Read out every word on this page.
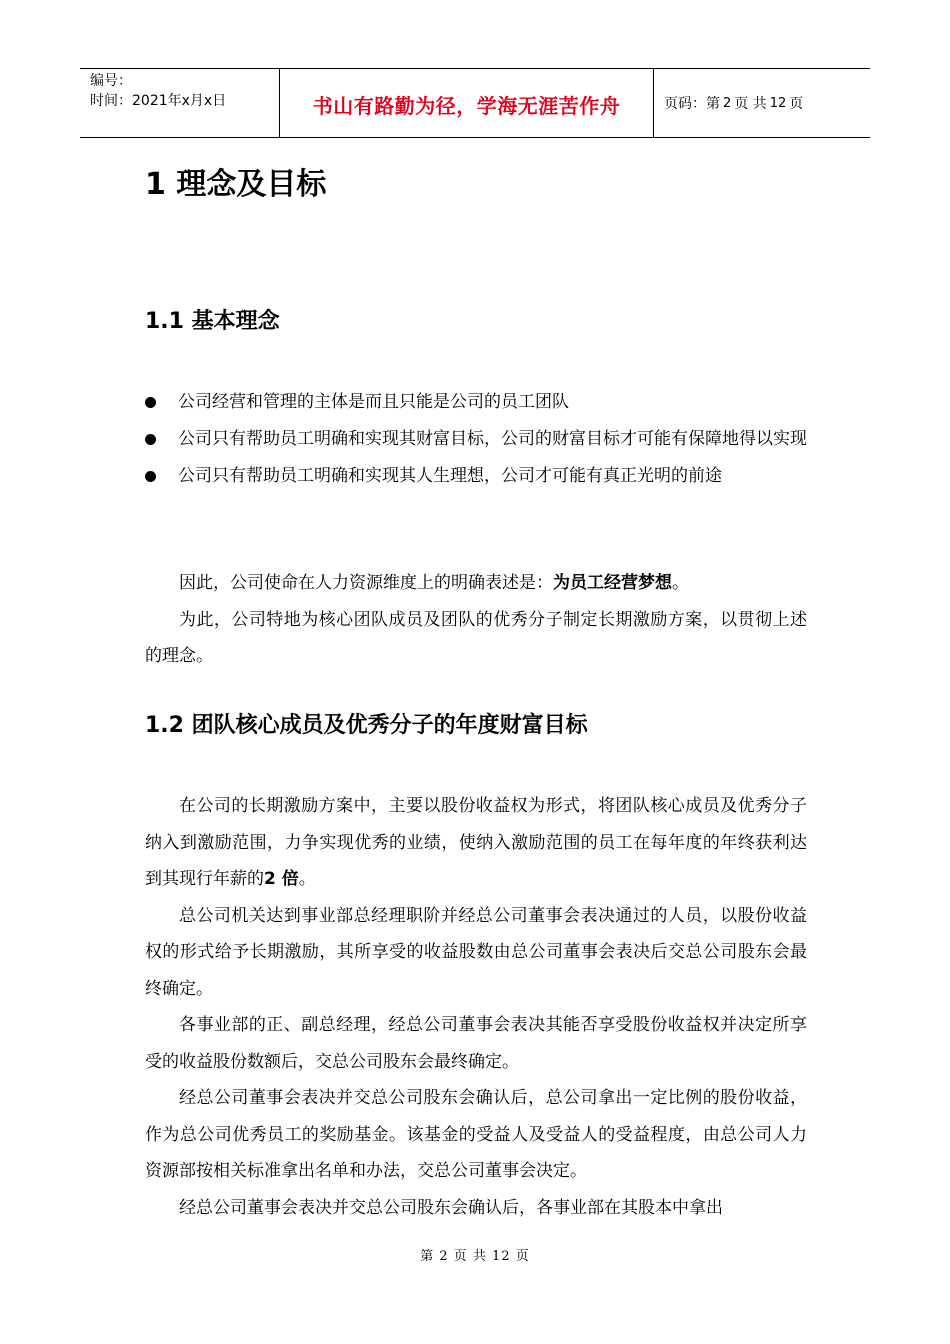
编号：
时间：2021年x月x日	书山有路勤为径，学海无涯苦作舟	页码：第 2 页 共 12 页
1 理念及目标
1.1 基本理念
公司经营和管理的主体是而且只能是公司的员工团队
公司只有帮助员工明确和实现其财富目标，公司的财富目标才可能有保障地得以实现
公司只有帮助员工明确和实现其人生理想，公司才可能有真正光明的前途

因此，公司使命在人力资源维度上的明确表述是：为员工经营梦想。

为此，公司特地为核心团队成员及团队的优秀分子制定长期激励方案，以贯彻上述的理念。

1.2 团队核心成员及优秀分子的年度财富目标

在公司的长期激励方案中，主要以股份收益权为形式，将团队核心成员及优秀分子纳入到激励范围，力争实现优秀的业绩，使纳入激励范围的员工在每年度的年终获利达到其现行年薪的2 倍。

总公司机关达到事业部总经理职阶并经总公司董事会表决通过的人员，以股份收益权的形式给予长期激励，其所享受的收益股数由总公司董事会表决后交总公司股东会最终确定。

各事业部的正、副总经理，经总公司董事会表决其能否享受股份收益权并决定所享受的收益股份数额后，交总公司股东会最终确定。

经总公司董事会表决并交总公司股东会确认后，总公司拿出一定比例的股份收益，作为总公司优秀员工的奖励基金。该基金的受益人及受益人的受益程度，由总公司人力资源部按相关标准拿出名单和办法，交总公司董事会决定。

经总公司董事会表决并交总公司股东会确认后，各事业部在其股本中拿出

第 2 页 共 12 页
